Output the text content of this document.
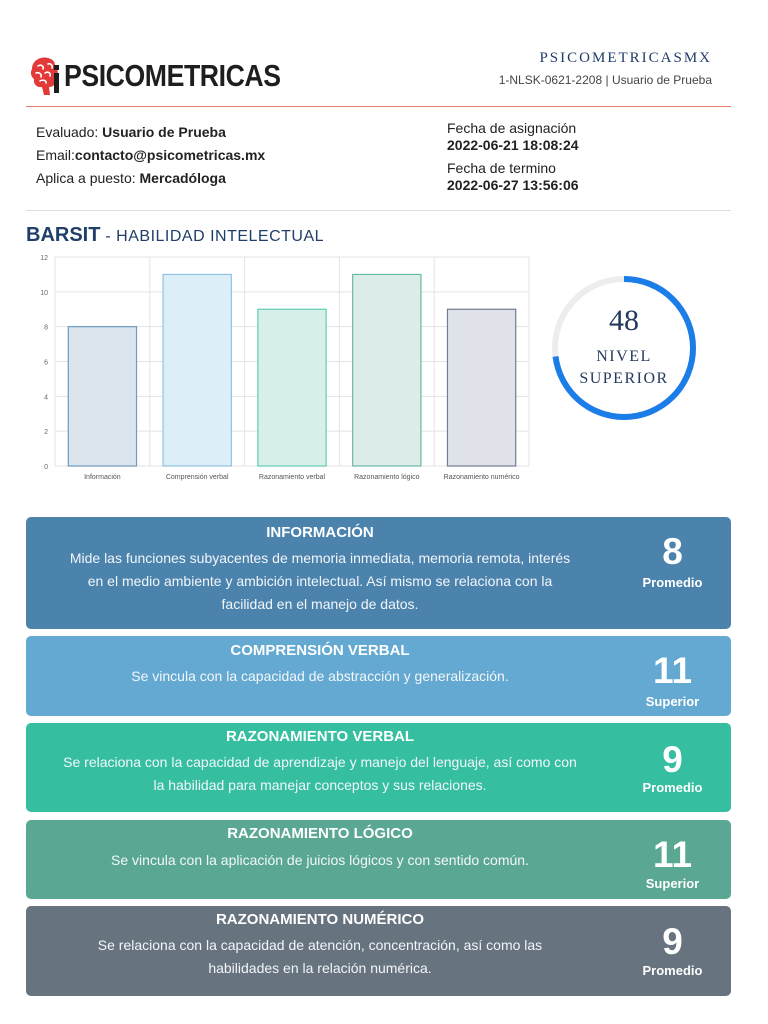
PSICOMETRICAS	PSICOMETRICASMX
1-NLSK-0621-2208 | Usuario de Prueba
Evaluado: Usuario de Prueba
Email:contacto@psicometricas.mx
Aplica a puesto: Mercadóloga
Fecha de asignación
2022-06-21 18:08:24
Fecha de termino
2022-06-27 13:56:06
BARSIT - HABILIDAD INTELECTUAL
0
2
4
6
8
10
12
Información	Comprensión verbal	Razonamiento verbal	Razonamiento lógico	Razonamiento numérico
48
NIVEL
SUPERIOR
INFORMACIÓN
Mide las funciones subyacentes de memoria inmediata, memoria remota, interés
en el medio ambiente y ambición intelectual. Así mismo se relaciona con la
facilidad en el manejo de datos.
8
Promedio
COMPRENSIÓN VERBAL
Se vincula con la capacidad de abstracción y generalización.	11
Superior
RAZONAMIENTO VERBAL
Se relaciona con la capacidad de aprendizaje y manejo del lenguaje, así como con
la habilidad para manejar conceptos y sus relaciones.
9
Promedio
RAZONAMIENTO LÓGICO
Se vincula con la aplicación de juicios lógicos y con sentido común.	11
Superior
RAZONAMIENTO NUMÉRICO
Se relaciona con la capacidad de atención, concentración, así como las
habilidades en la relación numérica.
9
Promedio
